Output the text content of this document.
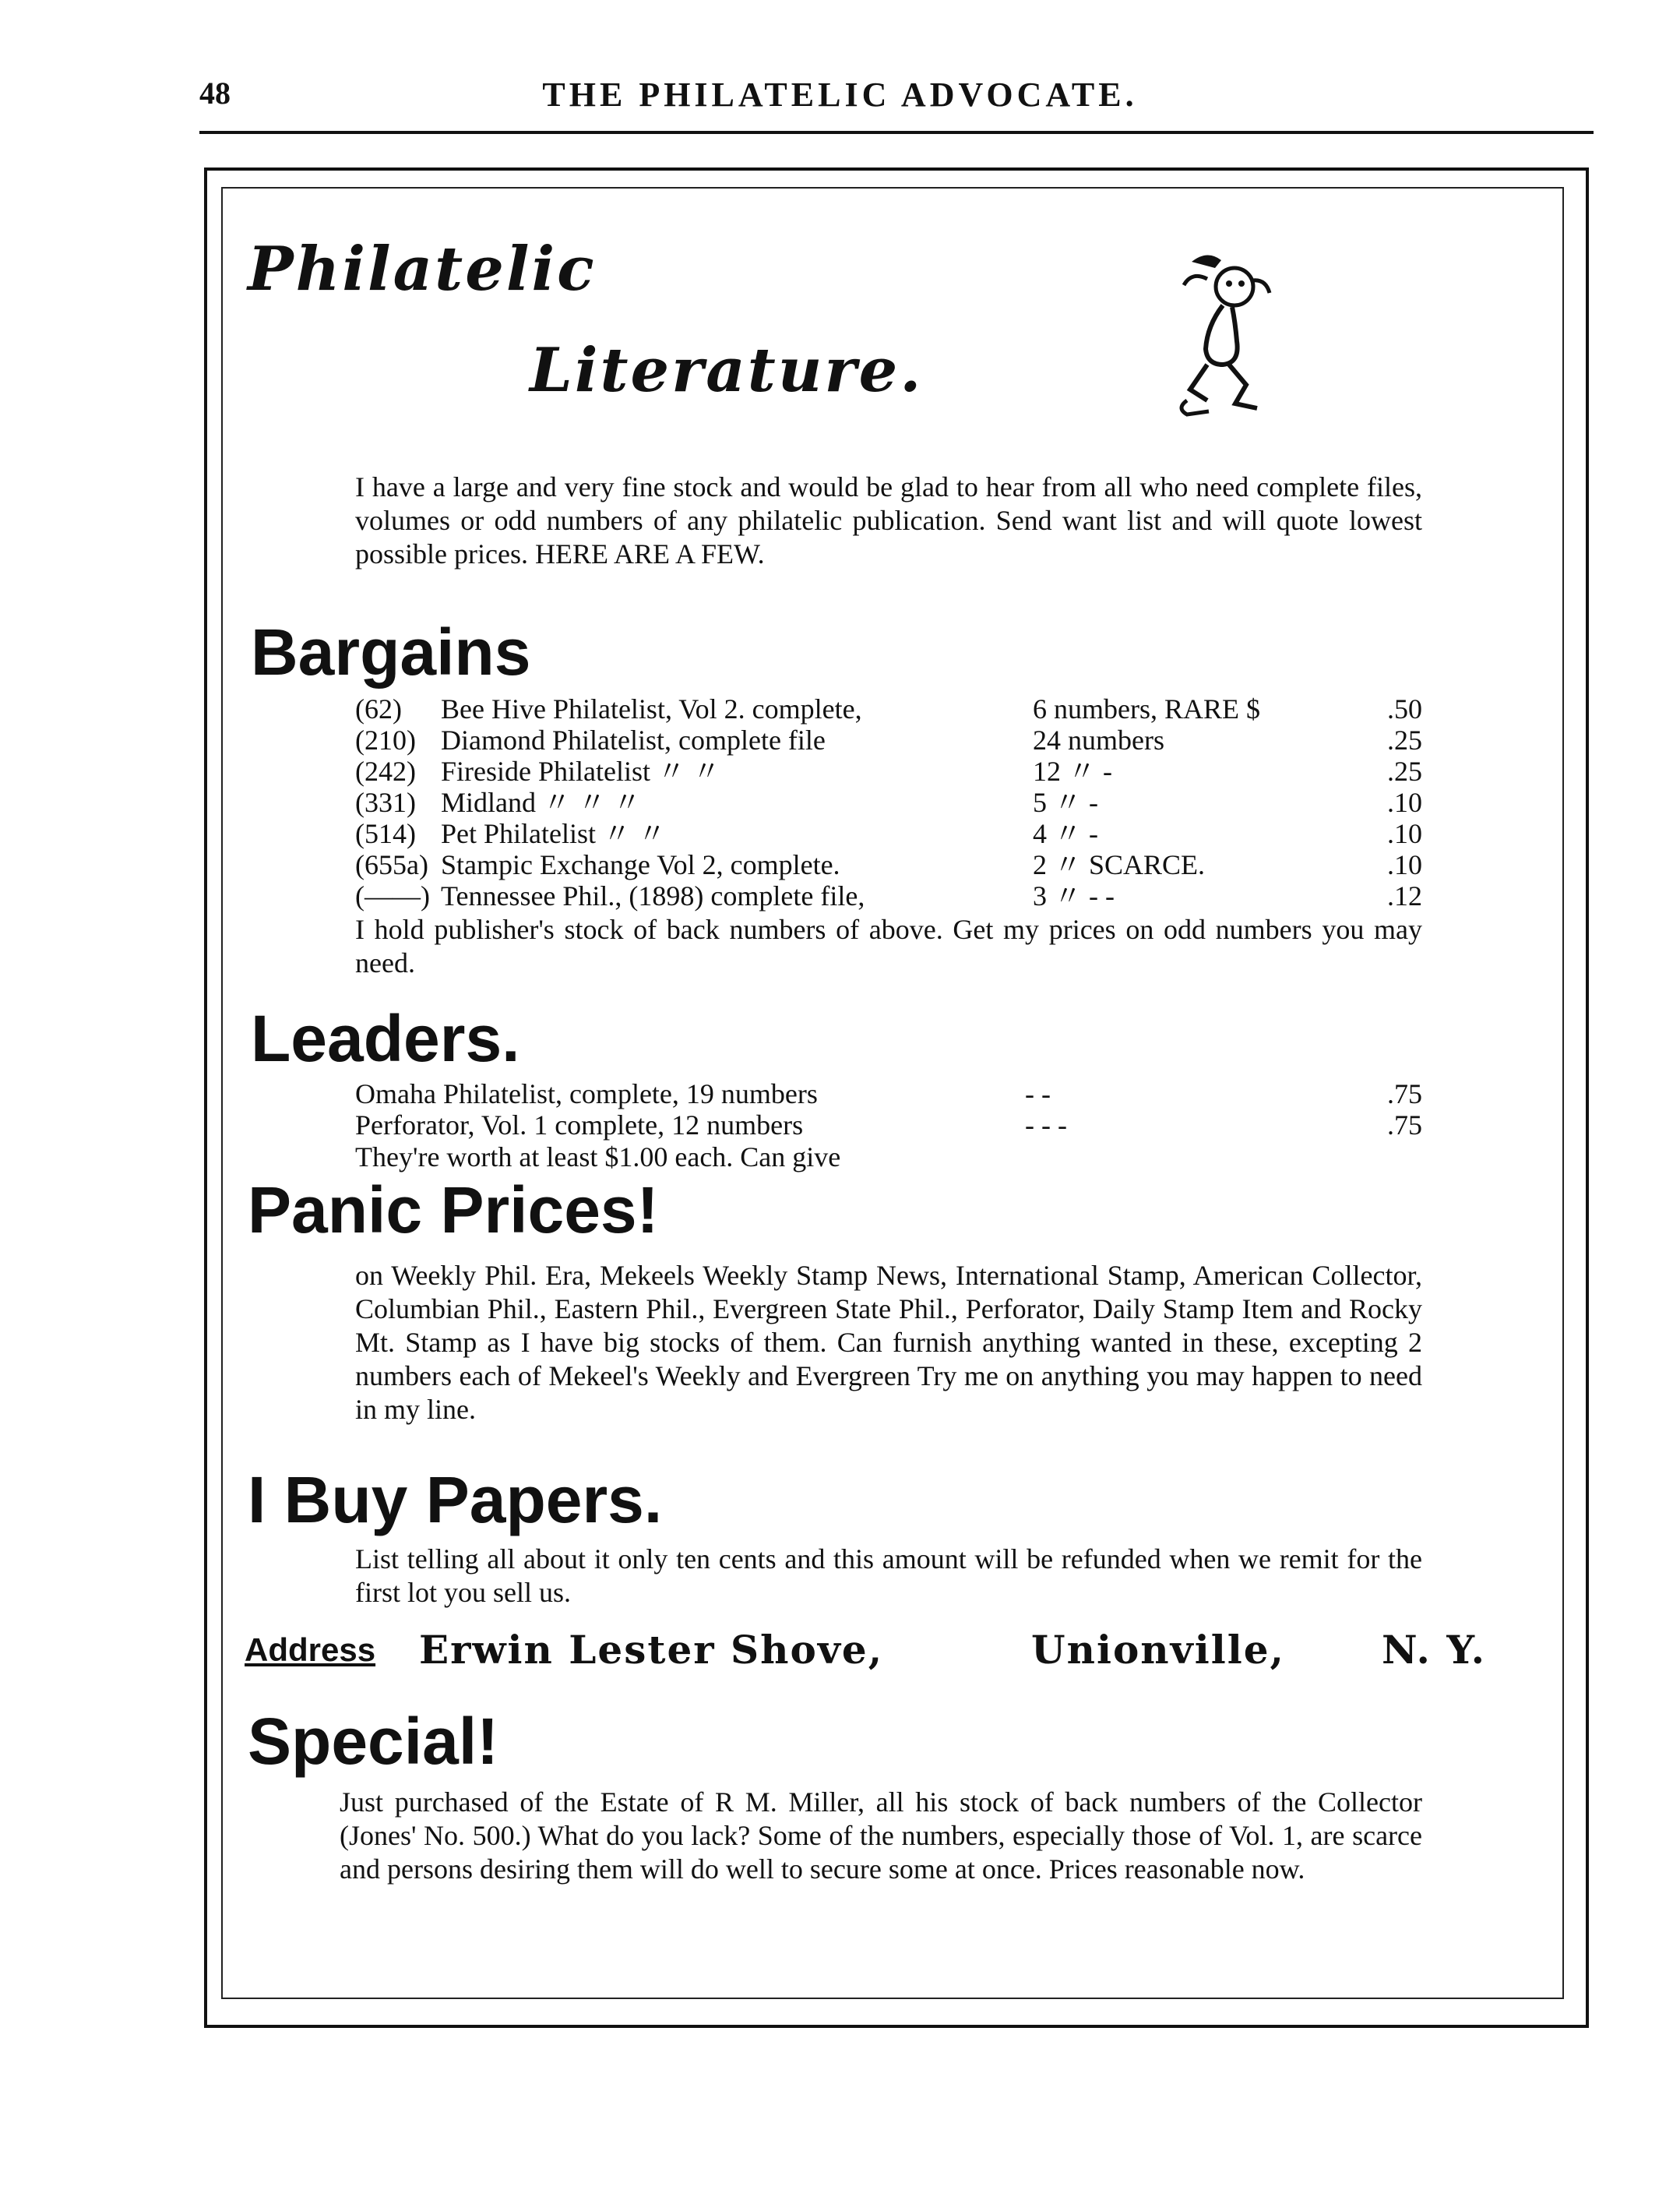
48	THE PHILATELIC ADVOCATE.
Philatelic
Literature.

I have a large and very fine stock and would be glad to hear from all who need complete files, volumes or odd numbers of any philatelic publication. Send want list and will quote lowest possible prices. HERE ARE A FEW.

Bargains
(62)	Bee Hive Philatelist, Vol 2. complete,	6 numbers, RARE $	.50
(210)	Diamond Philatelist, complete file	24 numbers	.25
(242)	Fireside Philatelist 〃 〃	12 〃 -	.25
(331)	Midland 〃 〃 〃	5 〃 -	.10
(514)	Pet Philatelist 〃 〃	4 〃 -	.10
(655a)	Stampic Exchange Vol 2, complete.	2 〃 SCARCE.	.10
(——)	Tennessee Phil., (1898) complete file,	3 〃 - -	.12

I hold publisher's stock of back numbers of above. Get my prices on odd numbers you may need.

Leaders.
Omaha Philatelist, complete, 19 numbers	- -	.75
Perforator, Vol. 1 complete, 12 numbers	- - -	.75

They're worth at least $1.00 each. Can give

Panic Prices!

on Weekly Phil. Era, Mekeels Weekly Stamp News, International Stamp, American Collector, Columbian Phil., Eastern Phil., Evergreen State Phil., Perforator, Daily Stamp Item and Rocky Mt. Stamp as I have big stocks of them. Can furnish anything wanted in these, excepting 2 numbers each of Mekeel's Weekly and Evergreen Try me on anything you may happen to need in my line.

I Buy Papers.

List telling all about it only ten cents and this amount will be refunded when we remit for the first lot you sell us.

Address Erwin Lester Shove,	Unionville, N. Y.
Special!

Just purchased of the Estate of R M. Miller, all his stock of back numbers of the Collector (Jones' No. 500.) What do you lack? Some of the numbers, especially those of Vol. 1, are scarce and persons desiring them will do well to secure some at once. Prices reasonable now.
